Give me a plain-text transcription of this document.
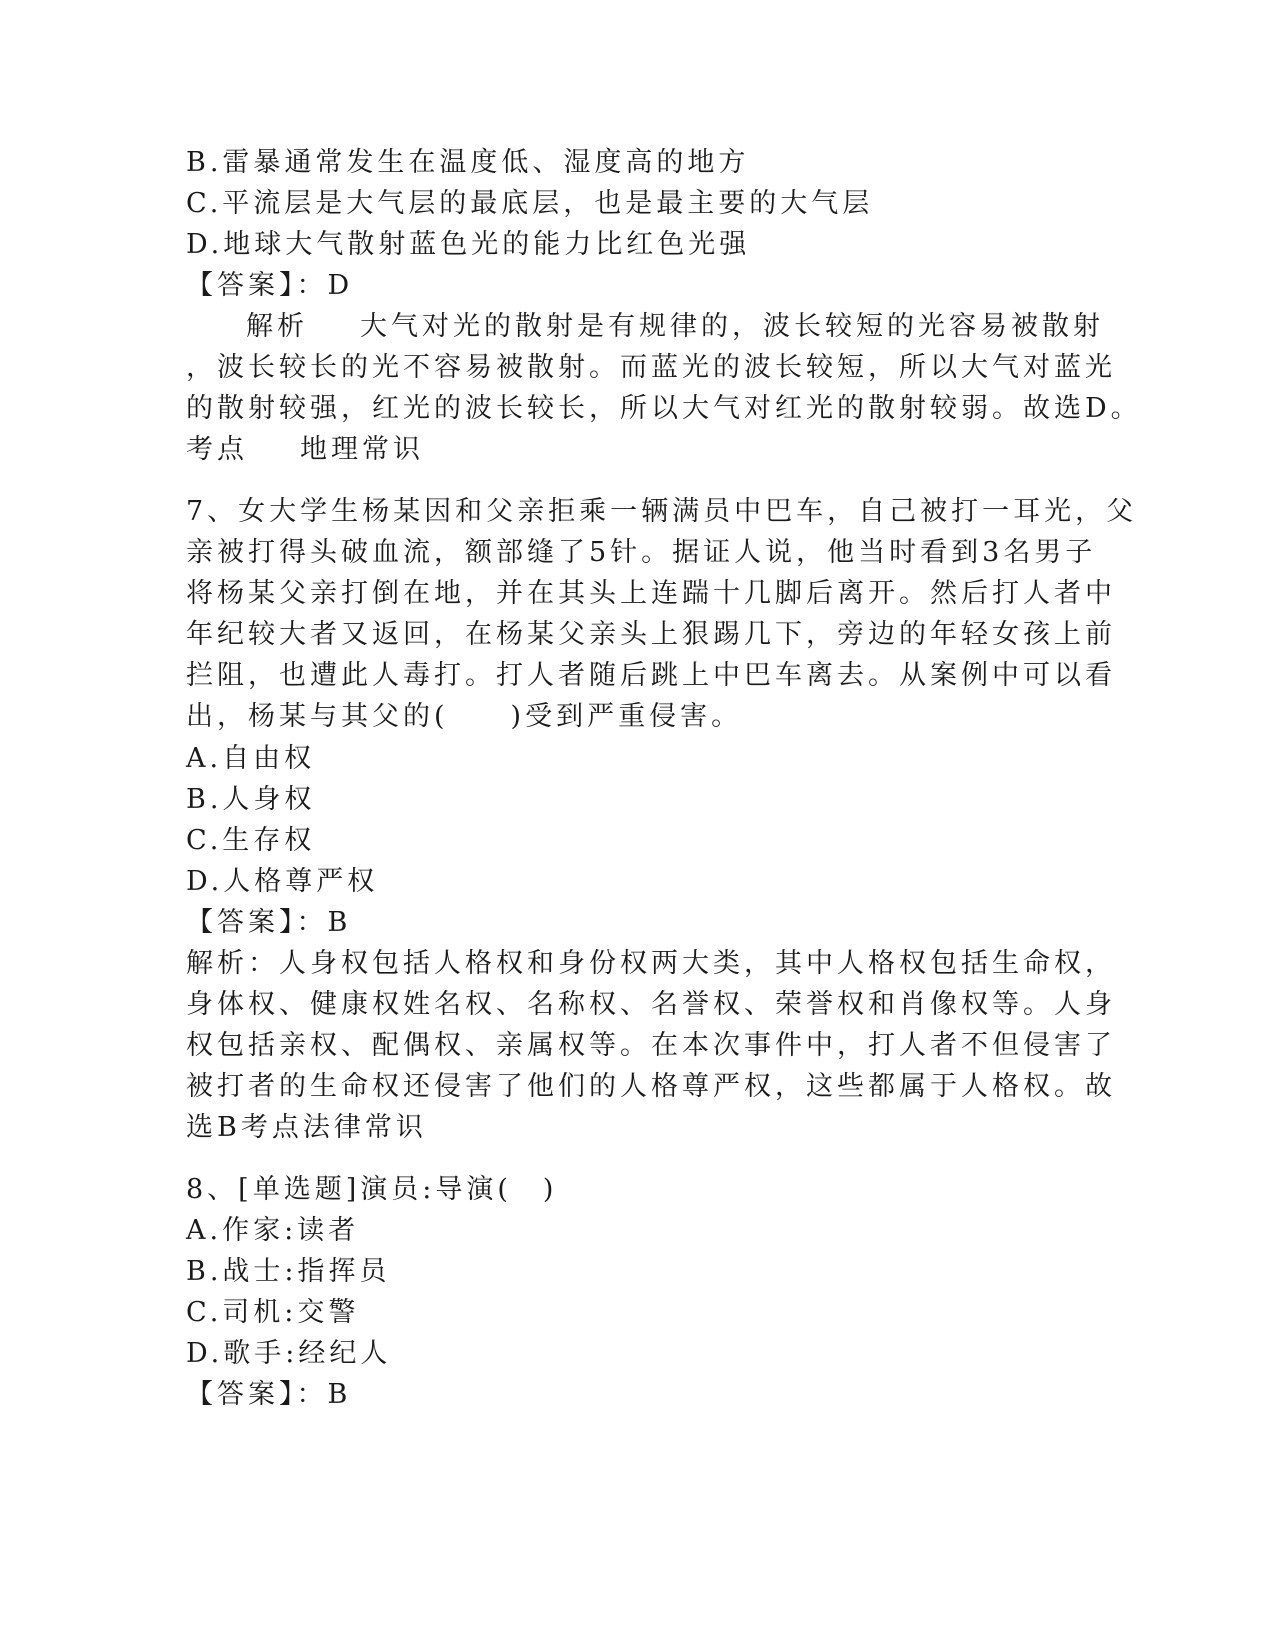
B.雷暴通常发生在温度低、湿度高的地方
C.平流层是大气层的最底层，也是最主要的大气层
D.地球大气散射蓝色光的能力比红色光强
【答案】：D
解析 大气对光的散射是有规律的，波长较短的光容易被散射
，波长较长的光不容易被散射。而蓝光的波长较短，所以大气对蓝光
的散射较强，红光的波长较长，所以大气对红光的散射较弱。故选D。
考点 地理常识
7、女大学生杨某因和父亲拒乘一辆满员中巴车，自己被打一耳光，父
亲被打得头破血流，额部缝了5针。据证人说，他当时看到3名男子
将杨某父亲打倒在地，并在其头上连踹十几脚后离开。然后打人者中
年纪较大者又返回，在杨某父亲头上狠踢几下，旁边的年轻女孩上前
拦阻，也遭此人毒打。打人者随后跳上中巴车离去。从案例中可以看
出，杨某与其父的(　　)受到严重侵害。
A.自由权
B.人身权
C.生存权
D.人格尊严权
【答案】：B
解析：人身权包括人格权和身份权两大类，其中人格权包括生命权，
身体权、健康权姓名权、名称权、名誉权、荣誉权和肖像权等。人身
权包括亲权、配偶权、亲属权等。在本次事件中，打人者不但侵害了
被打者的生命权还侵害了他们的人格尊严权，这些都属于人格权。故
选B考点法律常识
8、[单选题]演员:导演(　)
A.作家:读者
B.战士:指挥员
C.司机:交警
D.歌手:经纪人
【答案】：B
